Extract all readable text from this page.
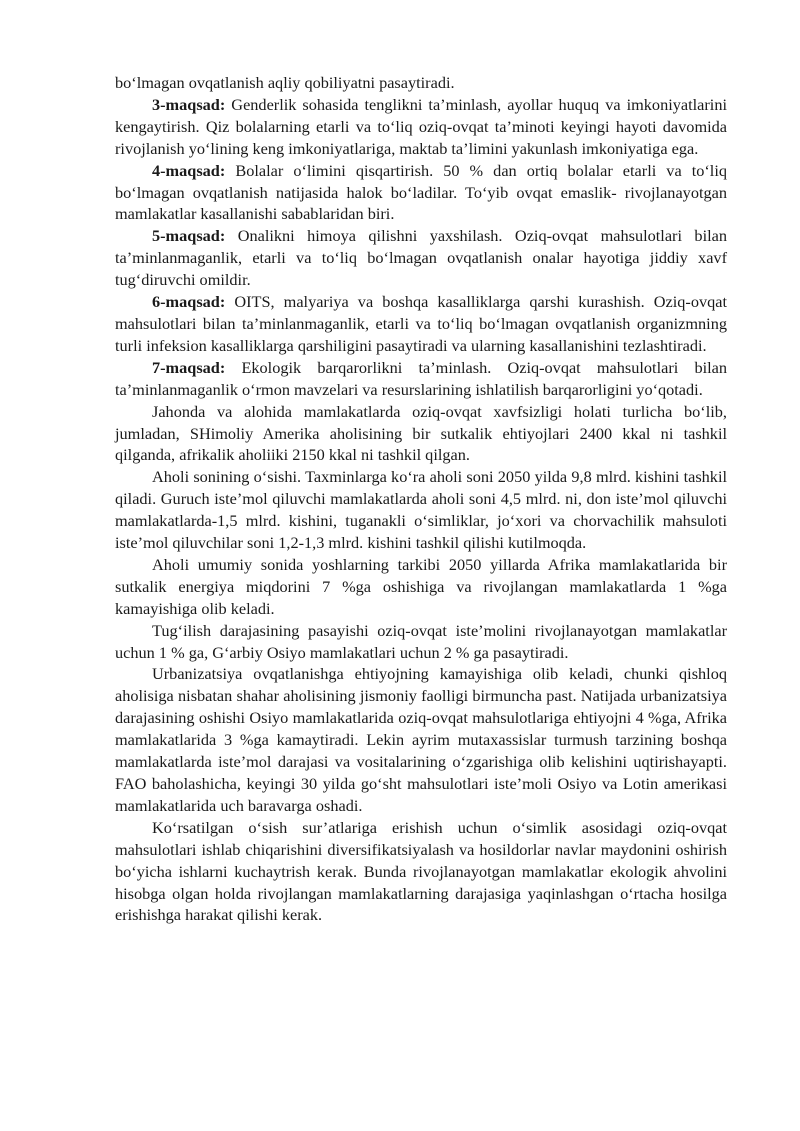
bo‘lmagan ovqatlanish aqliy qobiliyatni pasaytiradi.

3-maqsad: Genderlik sohasida tenglikni ta’minlash, ayollar huquq va imkoniyatlarini kengaytirish. Qiz bolalarning etarli va to‘liq oziq-ovqat ta’minoti keyingi hayoti davomida rivojlanish yo‘lining keng imkoniyatlariga, maktab ta’limini yakunlash imkoniyatiga ega.

4-maqsad: Bolalar o‘limini qisqartirish. 50 % dan ortiq bolalar etarli va to‘liq bo‘lmagan ovqatlanish natijasida halok bo‘ladilar. To‘yib ovqat emaslik- rivojlanayotgan mamlakatlar kasallanishi sabablaridan biri.

5-maqsad: Onalikni himoya qilishni yaxshilash. Oziq-ovqat mahsulotlari bilan ta’minlanmaganlik, etarli va to‘liq bo‘lmagan ovqatlanish onalar hayotiga jiddiy xavf tug‘diruvchi omildir.

6-maqsad: OITS, malyariya va boshqa kasalliklarga qarshi kurashish. Oziq-ovqat mahsulotlari bilan ta’minlanmaganlik, etarli va to‘liq bo‘lmagan ovqatlanish organizmning turli infeksion kasalliklarga qarshiligini pasaytiradi va ularning kasallanishini tezlashtiradi.

7-maqsad: Ekologik barqarorlikni ta’minlash. Oziq-ovqat mahsulotlari bilan ta’minlanmaganlik o‘rmon mavzelari va resurslarining ishlatilish barqarorligini yo‘qotadi.

Jahonda va alohida mamlakatlarda oziq-ovqat xavfsizligi holati turlicha bo‘lib, jumladan, SHimoliy Amerika aholisining bir sutkalik ehtiyojlari 2400 kkal ni tashkil qilganda, afrikalik aholiiki 2150 kkal ni tashkil qilgan.

Aholi sonining o‘sishi. Taxminlarga ko‘ra aholi soni 2050 yilda 9,8 mlrd. kishini tashkil qiladi. Guruch iste’mol qiluvchi mamlakatlarda aholi soni 4,5 mlrd. ni, don iste’mol qiluvchi mamlakatlarda-1,5 mlrd. kishini, tuganakli o‘simliklar, jo‘xori va chorvachilik mahsuloti iste’mol qiluvchilar soni 1,2-1,3 mlrd. kishini tashkil qilishi kutilmoqda.

Aholi umumiy sonida yoshlarning tarkibi 2050 yillarda Afrika mamlakatlarida bir sutkalik energiya miqdorini 7 %ga oshishiga va rivojlangan mamlakatlarda 1 %ga kamayishiga olib keladi.

Tug‘ilish darajasining pasayishi oziq-ovqat iste’molini rivojlanayotgan mamlakatlar uchun 1 % ga, G‘arbiy Osiyo mamlakatlari uchun 2 % ga pasaytiradi.

Urbanizatsiya ovqatlanishga ehtiyojning kamayishiga olib keladi, chunki qishloq aholisiga nisbatan shahar aholisining jismoniy faolligi birmuncha past. Natijada urbanizatsiya darajasining oshishi Osiyo mamlakatlarida oziq-ovqat mahsulotlariga ehtiyojni 4 %ga, Afrika mamlakatlarida 3 %ga kamaytiradi. Lekin ayrim mutaxassislar turmush tarzining boshqa mamlakatlarda iste’mol darajasi va vositalarining o‘zgarishiga olib kelishini uqtirishayapti. FAO baholashicha, keyingi 30 yilda go‘sht mahsulotlari iste’moli Osiyo va Lotin amerikasi mamlakatlarida uch baravarga oshadi.

Ko‘rsatilgan o‘sish sur’atlariga erishish uchun o‘simlik asosidagi oziq-ovqat mahsulotlari ishlab chiqarishini diversifikatsiyalash va hosildorlar navlar maydonini oshirish bo‘yicha ishlarni kuchaytrish kerak. Bunda rivojlanayotgan mamlakatlar ekologik ahvolini hisobga olgan holda rivojlangan mamlakatlarning darajasiga yaqinlashgan o‘rtacha hosilga erishishga harakat qilishi kerak.
